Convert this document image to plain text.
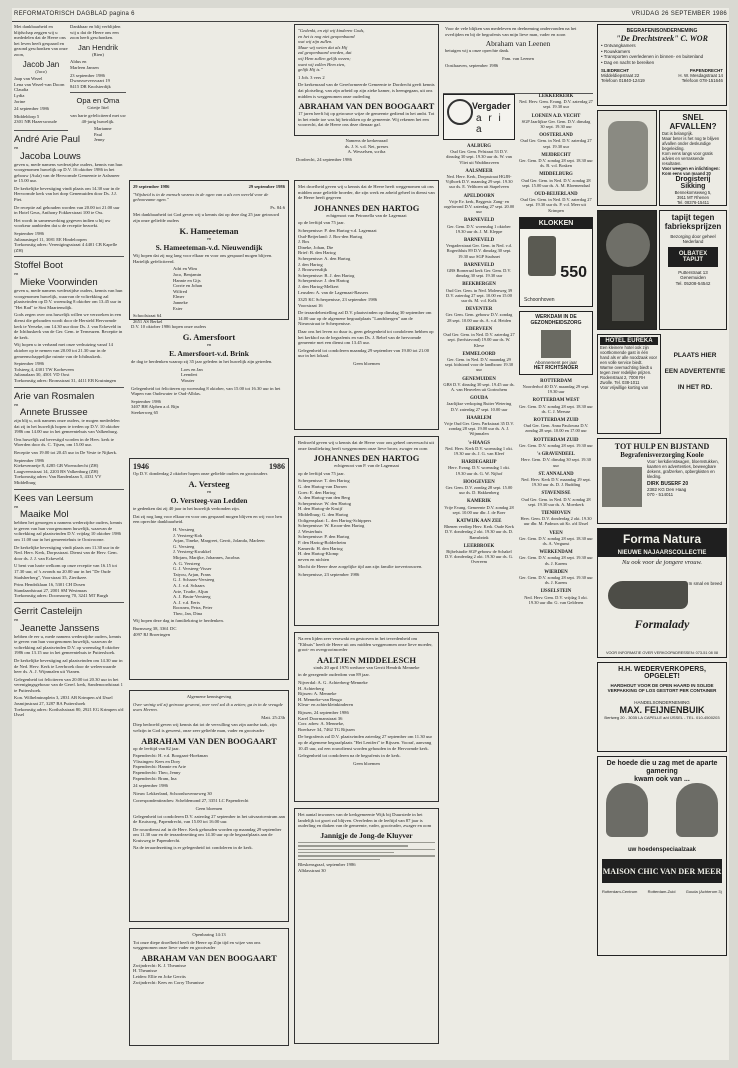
REFORMATORISCH DAGBLAD pagina 6	VRIJDAG 26 SEPTEMBER 1986
Met dankbaarheid en blijdschap zeggen wij u mededelen dat de Heere ons het leven heeft gespaard en gezond geschonken van onze zoon,
Jacob Jan
(Jaco)
Jaap van Wezel
Lena van Wezel-van Doorn
Claudia
Lydia
Jorine
24 september 1986
Middeldorp 5
2301 NB Hazerswoude
André Arie Paul
en
Jacoba Louws
geven u, mede namens wederzijdse ouders, kennis van hun voorgenomen huwelijk op D.V. 16 oktober 1986 in het gebouw (Aula) van de Hervormde Gemeente te Aalsmeer te 15.00 uur.
De kerkelijke bevestiging vindt plaats om 14.30 uur in de Hervormde kerk van het dorp Genemuiden door Ds. J.J. Piet.
De receptie zal gehouden worden van 20.00 tot 21.00 uur in Hotel Geus, Anthony Fokkerstraat 100 te Oss.
Het wordt in samenwerking gegeven indien u bij uw voorkeur aanbieden dat u de receptie bezoekt.
September 1986
Julianasingel 11, 3081 EE Hindeloopen
Toekomstig adres: Verenigingsstraat 4 4401 CB Kapelle (ZH)
Stoffel Boot
en
Mieke Voorwinden
geven u, mede namens wederzijdse ouders, kennis van hun voorgenomen huwelijk, waarvan de voltrekking zal plaatsvinden op D.V. woensdag 8 oktober om 13.45 uur in "Het Rad" te Sint Maartensdijk.
Gods zegen over ons huwelijk willen we verzoeken in een dienst die gehouden wordt door de Hersteld Hervormde kerk te Yerseke, om 14.30 uur door Ds. J. van Eckeveld in de Ichthuskerk van de Ger. Gem. te Terneuzen. Receptie in de kerk.
Wij hopen u in verband met onze verhuizing vanaf 14 oktober op te nemen van 20.00 tot 21.30 uur in de gemeenschappelijke ruimte van de Ichthuskerk.
September 1986
Tolsteeg 4, 4301 TW Korbeveen
Julianalaan 30, 4501 VD Oost
Toekomstig adres: Bronsstraat 31, 4411 EB Kruiningen
Arie van Rosmalen
en
Annete Brussee
zijn blij u, ook namens onze ouders, te mogen mededelen dat zij in het huwelijk hopen te treden op D.V. 10 oktober 1986 om 14.00 uur in het gemeentehuis van Valkenburg.
Ons huwelijk zal bevestigd worden in de Herv. kerk te Woerden door ds. C. Tijsen, om 15.00 uur.
Receptie van 19.00 tot 20.45 uur in De Veste te Nijkerk.
September 1986
Kiekevennetje 8, 4285 GB Woensdrecht (ZH)
Laagveenstraat 14, 2203 BS Valkenburg (ZH)
Toekomstig adres: Van Randenlaan 5, 4331 VV Middelburg
Kees van Leersum
en
Maaike Mol
hebben het genoegen u namens wederzijdse ouders, kennis te geven van hun voorgenomen huwelijk, waarvan de voltrekking zal plaatsvinden D.V. vrijdag 10 oktober 1986 om 11.00 uur in het gemeentehuis te Oostvoorne.
De kerkelijke bevestiging vindt plaats om 11.30 uur in de Ned. Herv. Kerk, Dorpsstraat. Dienst van de Herv. Gem. door ds. J. J. van Eckeveld.
U bent van harte welkom op onze receptie van 16.15 tot 17.30 uur, of 's avonds na 20.00 uur in het "De Oude Stadsherberg", Voorstraat 35, Zierikzee.
Prins Hendriklaan 16, 5301 CH Dosen
Standaardstraat 27, 2001 SM Westmaas
Toekomstig adres: Doornaweg 70, 3241 MT Burgh
Gerrit Casteleijn
en
Jeanette Janssens
hebben de eer u, mede namens wederzijdse ouders, kennis te geven van hun voorgenomen huwelijk, waarvan de voltrekking zal plaatsvinden D.V. op woensdag 8 oktober 1986 om 13.15 uur in het gemeentehuis te Puttershoek.
De kerkelijke bevestiging zal plaatsvinden om 14.30 uur in de Ned. Herv. Kerk te Leerbroek door de weleerwaarde heer ds. A. J. Wijnmalen uit Vianen.
Gelegenheid tot feliciteren van 20.00 tot 20.30 uur in het verenigingsgebouw van de Geref. kerk, Sandenoordstraat 1 te Puttershoek.
Kon. Wilhelminaplein 3, 2831 AB Krimpen a/d IJssel
Jasmijnstraat 27, 3287 BA Puttershoek
Toekomstig adres: Korthalsstraat 80, 2921 EG Krimpen a/d IJssel
Dankbaar en blij verblijden wij u dat de Heere ons een zoon heeft geschonken.
Jan Hendrik
(Rien)
Aldus en
Marleen Jansen
23 september 1986
Dwarsweversvaart 19
8415 DR Knolsterdijk
Opa en Oma
Grietje Ittel
van harte gefeliciteerd met uw 40-jarig huwelijk.
Marianne
Paul
Jenny
29 september 1986	29 september 1986
"Wijsheid is in de mensch wezens in de ogen van u als een wereld voor de gehoorzame ogen."
Ps. 84:6
Met dankbaarheid tot God geven wij u kennis dat op deze dag 25 jaar getrouwd zijn onze geliefde ouders
K. Hameeteman
en
S. Hameeteman-v.d. Nieuwendijk
Wij hopen dat zij nog lang voor elkaar en voor ons gespaard mogen blijven. Hartelijk gefeliciteerd.
Adri en Wim
Jaco, Benjamin
Hannie en Gijs
Corrie en Johan
Wilfred
Elmer
Janneke
Ester
Schoolstraat 64
2651 AS Berkel
D.V. 10 oktober 1986 hopen onze ouders
G. Amersfoort
en
E. Amersfoort-v.d. Brink
de dag te herdenken waarop zij 35 jaar geleden in het huwelijk zijn getreden.
Loes en Jan
Leendert
Wouter
Gelegenheid tot feliciteren op woensdag 8 oktober, van 15.00 tot 16.30 uur in het Wapen van Oudewater te Oud-Alblas.
September 1986
3407 BH Alphen a.d. Rijn
Steekerweg 65
1946	1986
Op D.V. donderdag 2 oktober hopen onze geliefde ouders en grootouders
A. Versteeg
en
O. Versteeg-van Ledden
te gedenken dat zij 40 jaar in het huwelijk verbonden zijn.
Dat zij nog lang voor elkaar en voor ons gespaard mogen blijven en wij voor hen een oprechte dankbaarheid.
H. Versteeg
J. Versteeg-Kok
Arjan, Tineke, Margreet, Gerrit, Jolanda, Marleen
G. Versteeg
J. Versteeg-Kwakkel
Mirjam, Marijke, Johannes, Jacobus
A. G. Versteeg
G. J. Versteeg-Visser
Taiyou, Arjan, Frans
G. J. Schaars-Versteeg
A. J. v.d. Schaars
Arie, Trudie, Aljun
A. J. Bruin-Versteeg
A. J. v.d. Eerts
Roosnea, Petra, Peter
Theo, Jan, Dina
Wij hopen deze dag in familiekring te herdenken.
Burnsweg 38, 3361 DC
4097 RJ Broeringen
Algemene kennisgeving
Over weinig wil zij getrouw geweest, over veel zal ik u zetten; ga in in de vreugde uwes Heeren.
Matt. 25:23b
Diep bedroefd geven wij kennis dat tot de vervulling van zijn aardse taak, zijn welzijn in God is geweest, onze zeer geliefde man, vader en grootvader
ABRAHAM VAN DEN BOOGAART
op de leeftijd van 82 jaar.
Papendrecht: H. v.d. Boogaart-Hoekman
Vlissingen: Kees en Dory
Papendrecht: Hannie en Arie
Papendrecht: Theo, Jenny
Papendrecht: Bram, Ina
24 september 1986
Nieuw Lekkerland, Schoonhovenseweg 30
Correspondentieadres: Scheldemond 27, 3351 LC Papendrecht
Geen bloemen
Gelegenheid tot condoleren D.V. zaterdag 27 september in het uitvaartcentrum aan de Kruisweg, Papendrecht, van 15.00 tot 16.00 uur.
De rouwdienst zal in de Herv. Kerk gehouden worden op maandag 29 september om 11.30 uur en de teraardezetting om 14.30 uur op de begraafplaats aan de Kruisweg te Papendrecht.
Na de teraardezetting is er gelegenheid tot condoleren in de kerk.
Openbaring 14:13
Tot onze diepe droefheid heeft de Heere op Zijn tijd en wijze van ons weggenomen onze lieve vader en grootvader
ABRAHAM VAN DEN BOOGAART
Zwijndrecht: K. J. Theunisse
H. Theunisse
Leiden: Ellie en Joke Gerrits
Zwijndrecht: Kees en Corry Theunisse
"Gedenkt, en zijt wij kinderen Gods,
en het is nog niet geopenbaard
wat wij zijn zullen.
Maar wij weten dat als Hij
zal geopenbaard worden, dat
wij Hem zullen gelijk wezen;
want wij zullen Hem zien,
gelijk Hij is."
1 Joh. 3 vers 2
De kerkenraad van de Gereformeerde Gemeente te Dordrecht geeft kennis dat plotseling, van zijn arbeid op zijn zieke kamer, is heengegaan, uit ons midden is weggenomen onze ouderling
ABRAHAM VAN DEN BOOGAART
17 jaren heeft hij op getrouwe wijze de gemeente gediend in het ambt. Tot in het einde toe was hij betrokken op de gemeente. Wij rekenen het een voorrecht, dat de Heere ons deze dienaar gaf.
Namens de kerkenraad
ds. J. S. v.d. Net, preses
A. Wesselsen, scriba
Dordrecht, 24 september 1986
Met droefheid geven wij u kennis dat de Heere heeft weggenomen uit ons midden onze geliefde broeder, die zijn werk en arbeid geheel in dienst van de Heere heeft gegeven
JOHANNES DEN HARTOG
echtgenoot van Petronella van de Lagemaat
op de leeftijd van 75 jaar.
Scherpenisse: P. den Hartog-v.d. Lagemaat
Oud-Beijerland: J. Bos-den Hartog
J. Bos
Dineke, Johan, Die
Brief: B. den Hartog
Scherpenisse: A. den Hartog
J. den Hartog
J. Brouwersdijk
Scherpenisse: B. J. den Hartog
Scherpenisse: J. den Hartog
J. den Hartog-Melkert
Leusden: A. van de Lagemaat-Rassers
3325 KC Scherpenisse, 23 september 1986
Voorstraat 16
De teraardebestelling zal D.V. plaatsvinden op dinsdag 30 september om 14.00 uur op de algemene begraafplaats "Landsbergen" aan de Nieuwstraat te Scherpenisse.
Daar ons het leven zo duur is, geen gelegenheid tot condoleren hebben op het kerkhof na de begrafenis en van Ds. J. Rebel van de hervormde gemeente met een dienst om 13.45 uur.
Gelegenheid tot condoleren maandag 29 september van 19.00 tot 21.00 uur in het lokaal.
Geen bloemen
Bedroefd geven wij u kennis dat de Heere voor ons geheel onverwacht uit onze familiekring heeft weggenomen onze lieve broer, zwager en oom
JOHANNES DEN HARTOG
echtgenoot van P. van de Lagemaat
op de leeftijd van 75 jaar.
Scherpenisse: T. den Hartog
G. den Hartog-van Dorsen
Goes: E. den Hartog
A. den Hartog-van den Berg
Scherpenisse: W. den Hartog
H. den Hartog-de Kruijf
Middelburg: G. den Hartog
Ooltgensplaat: L. den Hartog-Schippers
Scherpenisse: W. Kroon-den Hartog
J. Westerhuis
Scherpenisse: P. den Hartog
P. den Hartog-Bolderheim
Kamerik: H. den Hartog
H. den Hartog-Klomp
neven en nichten
Mocht de Heere deze zorgelijke tijd aan zijn familie toevertrouwen.
Scherpenisse, 23 september 1986
Na een lijden zeer verzwakt en gestorven in het tevredenheid om "Elthuis" heeft de Heere uit ons midden weggenomen onze lieve moeder, groot- en overgrootmoeder
AALTJEN MIDDELESCH
sinds 20 april 1976 weduwe van Gerrit Hendrik Menneke
in de gezegende ouderdom van 89 jaar.
Nijverdal: A. G. Achterberg-Menneke
H. Achterberg
Rijssen: A. Menneke
H. Menneke-van Beugo
Kleur- en achterkleinkinderen
Rijssen, 24 september 1986
Karel Doormanstraat 36
Corr. adres: A. Menneke,
Boerhave 34, 7462 TG Rijssen
De begrafenis zal D.V. plaatsvinden zaterdag 27 september om 11.30 uur op de algemene begraafplaats "Het Lentfert" te Rijssen. Vooraf, aanvang 10.45 uur, zal een rouwdienst worden gehouden in de Hervormde kerk.
Gelegenheid tot condoleren na de begrafenis in de kerk.
Geen bloemen
Het aantal inwoners van de kerkgemeente Wijk bij Duurstede in het landelijk tot groei zal blijven. Overleden in de leeftijd van 87 jaar is ouderling en diaken van de gemeente, vader, grootvader, zwager en oom
Jannigje de Jong-de Kluyver
Bleskensgraaf, september 1986
Alblasstraat 30
Voor de vele blijken van medeleven en deelneming ondervonden na het overlijden en bij de begrafenis van mijn lieve man, vader en zoon
Abraham van Leenen
betuigen wij u onze oprechte dank.
Fam. van Leenen
Oosthaaven, september 1986
Vergader
a r i a
AALBURG
Oud Ger. Gem. Pelstraat 53 D.V. dinsdag 30 sept. 19.30 uur ds. W. van Vliet uit Waddinxveen
AALSMEER
Ned. Herv. Kerk, Dorpsstraat HGJB-Vijfhoek D.V. maandag 29 sept. 19.30 uur ds. E. Velthoen uit Stapelveen
APELDOORN
Vrije Ev. kerk, Beggestr. Zang- en orgelavond D.V. zaterdag 27 sept. 20.00 uur
BARNEVELD
Ger. Gem. D.V. woensdag 1 oktober 19.30 uur ds. J. M. Kleppe
BARNEVELD
Vergaderstraat Ger. Gem. in Ned. v.d. Rogerthluis 89 D.V. dinsdag 30 sept. 19.30 uur SGP Stadsnet
BARNEVELD
GBS Borneraal kerk Ger. Gem. D.V. dinsdag 30 sept. 19.30 uur
BEEKBERGEN
Oud Ger. Gem. in Ned. Molenweg 39 D.V. zaterdag 27 sept. 10.00 en 15.00 uur ds. M. v.d. Kolk
DEVENTER
Ger. Gem. Gem. gebouw D.V. zondag 28 sept. 10.00 uur ds. A. v.d. Heiden
EDERVEEN
Oud Ger. Gem. in Ned. D.V. zaterdag 27 sept. (herfstavond) 19.00 uur ds. W. Kleve
EMMELOORD
Ger. Gem. in Ned. D.V. maandag 29 sept. bidstond voor de landbouw 19.30 uur
GENEMUIDEN
GBS D.V. dinsdag 30 sept. 19.45 uur ds. A. van Heuvelen uit Gorinchem
GOUDA
Jaarlijkse verkoping Ruiter Wetering D.V. zaterdag 27 sept. 10.00 uur
HAARLEM
Vrije Oud Ger. Gem. Parkstraat 35 D.V. zondag 28 sept. 19.00 uur ds. A. J. Wijnmalen
's-HAAGS
Ned. Herv. Kerk D.V. woensdag 1 okt. 19.30 uur ds. J. G. van Kleef
HARDEGARIJP
Herv. Evang. D.V. woensdag 1 okt. 19.30 uur ds. G. W. Nijhof
HOOGEVEEN
Ger. Gem. D.V. zondag 28 sept. 15.00 uur ds. D. Hakkenberg
KAMERIK
Vrije Evang. Gemeente D.V. zondag 28 sept. 10.00 uur dhr. J. de Boer
KATWIJK AAN ZEE
Rhenen verdiep Herv. Kerk. Oude Kerk D.V. donderdag 2 okt. 19.30 uur ds. D. Ramsbrink
LEERBROEK
Bijbelstudie SGP gebouw de Schakel D.V. donderdag 2 okt. 19.30 uur ds. G. Overeem
LEKKERKERK
Ned. Herv. Gem. Evang. D.V. zaterdag 27 sept. 19.30 uur
LOENEN A.D. VECHT
SGP Jaarlijkse Ger. Gem. D.V. dinsdag 30 sept. 19.30 uur
OOSTERLAND
Oud Ger. Gem. in Ned. D.V. zaterdag 27 sept. 19.30 uur
MIJDRECHT
Ger. Gem. D.V. zondag 28 sept. 18.30 uur ds. B. v.d. Bosken
MIDDELBURG
Oud Ger. Gem. in Ned. D.V. zondag 28 sept. 15.00 uur ds. A. M. Bloemendaal
OUD-BEIJERLAND
Oud Ger. Gem. in Ned. D.V. zaterdag 27 sept. 19.30 uur ds. P. v.d. Meer uit Krimpen
KLOKKEN
550
Schoonhoven
WERKDAM IN DE GEZONDHEIDSZORG
Abonnement per jaar
HET RICHTSNOER
ROTTERDAM
Noorderhof 40 D.V. maandag 29 sept. 19.30 uur
ROTTERDAM WEST
Ger. Gem. D.V. zondag 28 sept. 18.30 uur ds. C. J. Meeuse
ROTTERDAM ZUID
Oud Ger. Gem. Anna Paulowna D.V. zondag 28 sept. 10.00 en 17.00 uur
ROTTERDAM ZUID
Ger. Gem. D.V. zondag 28 sept. 19.30 uur
's GRAVENDEEL
Herv. Gem. D.V. dinsdag 30 sept. 19.30 uur
ST. ANNALAND
Ned. Herv. Kerk D.V. maandag 29 sept. 19.30 uur ds. D. J. Budding
STAVENISSE
Oud Ger. Gem. in Ned. D.V. zondag 28 sept. 19.30 uur ds. A. Moerkerk
TIENHOVEN
Herv. Gem. D.V. donderdag 2 okt. 19.30 uur dhr. M. Padmos uit Kr. a/d IJssel
VEEN
Ger. Gem. D.V. zondag 28 sept. 18.30 uur ds. A. Vergunst
WERKENDAM
Ger. Gem. D.V. zondag 28 sept. 19.30 uur ds. J. Karens
WIERDEN
Ger. Gem. D.V. zondag 28 sept. 19.30 uur ds. J. Karens
IJSSELSTEIN
Ned. Herv. Gem. D.V. vrijdag 3 okt. 19.30 uur dhr. G. van Gelderen
BEGRAFENISONDERNEMING
"De Drechtstreek" C. WOR
• Ontvangkamers
• Rouwkamers
• Transporten overledenen in binnen- en buitenland
• Dag en nacht te bereiken
SLIEDRECHT
Middeldiepstraat 22
Telefoon 01840-12419
PAPENDRECHT
H. W. Mesdagstraat 14
Telefoon 078-151646
SNEL AFVALLEN?
Dat is belangrijk.
Maar beter is het nog te blijven afvallen onder deskundige begeleiding.
Kom eens langs voor gratis advies en verrassende resultaten.
Voor weegen en inlichtingen:
Kom eens van maand 20
Drogisterij
Sikking
Bennekomseweg 5,
3911 MT Rhenen
Tel. 08376-15411
tapijt tegen fabrieksprijzen
Bezorging door geheel Nederland
OLBATEX TAPIJT
Putterstraat 13
Genemuiden
Tel. 05208-54542
HOTEL EUREKA
Een kleinere hotel ook zijn voortkomende gast in één hand als er alle noodzaak voor een volle service biedt.
Warme overnachting biedt u tegen zeer redelijke prijzen.
Rodenstraat 2, 7008 RH
Zwolle. Tel. 038-1011
Voor vrijwillige korting van
PLAATS HIER
EEN ADVERTENTIE
IN HET RD.
TOT HULP EN BIJSTAND
Begrafenisverzorging Koole
Voor: kerkdienstwagen, bloemstukken, kaarten en advertenties, beweegbare dekens, grafzerken, opbergkisten en kleding.
DIRK BUSERF 20
2382 KG Den Haag
070 - 514011
Forma Natura
NIEUWE NAJAARSCOLLECTIE
Nu ook voor de jongere vrouw.
In smal en breed
Formalady
VOOR INFORMATIE OVER VERKOOPADRESSEN: 073-51 08 08
H.H. WEDERVERKOPERS, OPGELET!
HARDHOUT VOOR DE OPEN HAARD IN SOLIDE
VERPAKKING OF LOS GESTORT PER CONTAINER
HANDELSONDERNEMING
MAX. FEIJNENBUIK
Bertweg 20 - 3035 LA CAPELLE a/d IJSSEL - TEL. 010-4500203
De hoede die u zag met de aparte gamering
kwam ook van ...
uw hoedenspeciaalzaak
MAISON CHIC VAN DER MEER
Rotterdam-Centrum	Rotterdam-Zuid	Gouda (Achterom 3)
